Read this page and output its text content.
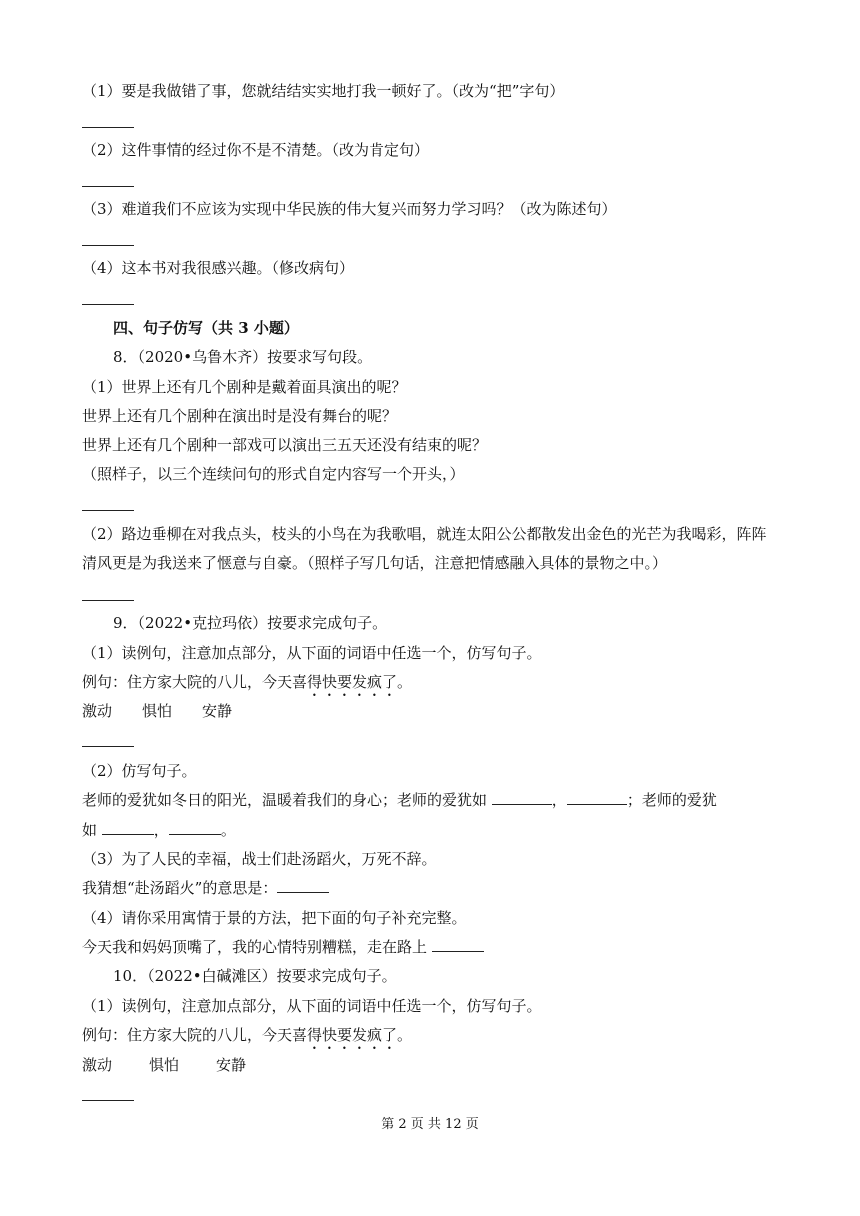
（1）要是我做错了事，您就结结实实地打我一顿好了。（改为“把”字句）
（2）这件事情的经过你不是不清楚。（改为肯定句）
（3）难道我们不应该为实现中华民族的伟大复兴而努力学习吗？（改为陈述句）
（4）这本书对我很感兴趣。（修改病句）
四、句子仿写（共 3 小题）
8．（2020•乌鲁木齐）按要求写句段。
（1）世界上还有几个剧种是戴着面具演出的呢？
世界上还有几个剧种在演出时是没有舞台的呢？
世界上还有几个剧种一部戏可以演出三五天还没有结束的呢？
（照样子，以三个连续问句的形式自定内容写一个开头，）
（2）路边垂柳在对我点头，枝头的小鸟在为我歌唱，就连太阳公公都散发出金色的光芒为我喝彩，阵阵
清风更是为我送来了惬意与自豪。（照样子写几句话，注意把情感融入具体的景物之中。）
9．（2022•克拉玛依）按要求完成句子。
（1）读例句，注意加点部分，从下面的词语中任选一个，仿写句子。
例句：住方家大院的八儿，今天喜得快要发疯了。
激动 惧怕 安静
（2）仿写句子。
老师的爱犹如冬日的阳光，温暖着我们的身心；老师的爱犹如	，	；老师的爱犹
如	，	。
（3）为了人民的幸福，战士们赴汤蹈火，万死不辞。
我猜想“赴汤蹈火”的意思是：
（4）请你采用寓情于景的方法，把下面的句子补充完整。
今天我和妈妈顶嘴了，我的心情特别糟糕，走在路上
10．（2022•白碱滩区）按要求完成句子。
（1）读例句，注意加点部分，从下面的词语中任选一个，仿写句子。
例句：住方家大院的八儿，今天喜得快要发疯了。
激动 惧怕 安静
第 2 页 共 12 页
